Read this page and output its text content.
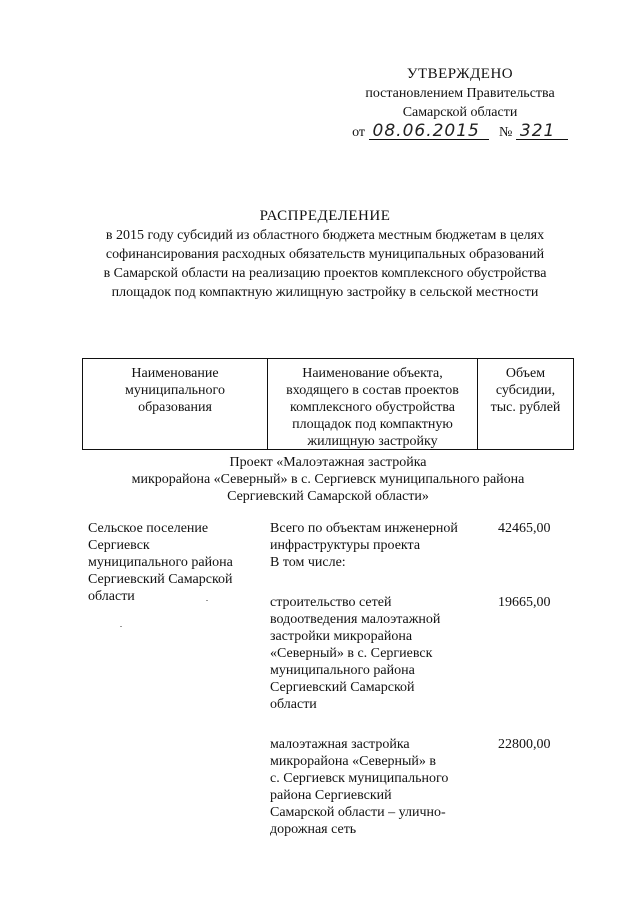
УТВЕРЖДЕНО
постановлением Правительства
Самарской области
от 08.06.2015 № 321
РАСПРЕДЕЛЕНИЕ
в 2015 году субсидий из областного бюджета местным бюджетам в целях
софинансирования расходных обязательств муниципальных образований
в Самарской области на реализацию проектов комплексного обустройства
площадок под компактную жилищную застройку в сельской местности
Наименование
муниципального
образования
Наименование объекта,
входящего в состав проектов
комплексного обустройства
площадок под компактную
жилищную застройку
Объем
субсидии,
тыс. рублей
Проект «Малоэтажная застройка
микрорайона «Северный» в с. Сергиевск муниципального района
Сергиевский Самарской области»
Сельское поселение
Сергиевск
муниципального района
Сергиевский Самарской
области
Всего по объектам инженерной
инфраструктуры проекта
В том числе:
42465,00
строительство сетей
водоотведения малоэтажной
застройки микрорайона
«Северный» в с. Сергиевск
муниципального района
Сергиевский Самарской
области
19665,00
малоэтажная застройка
микрорайона «Северный» в
с. Сергиевск муниципального
района Сергиевский
Самарской области – улично-
дорожная сеть
22800,00
